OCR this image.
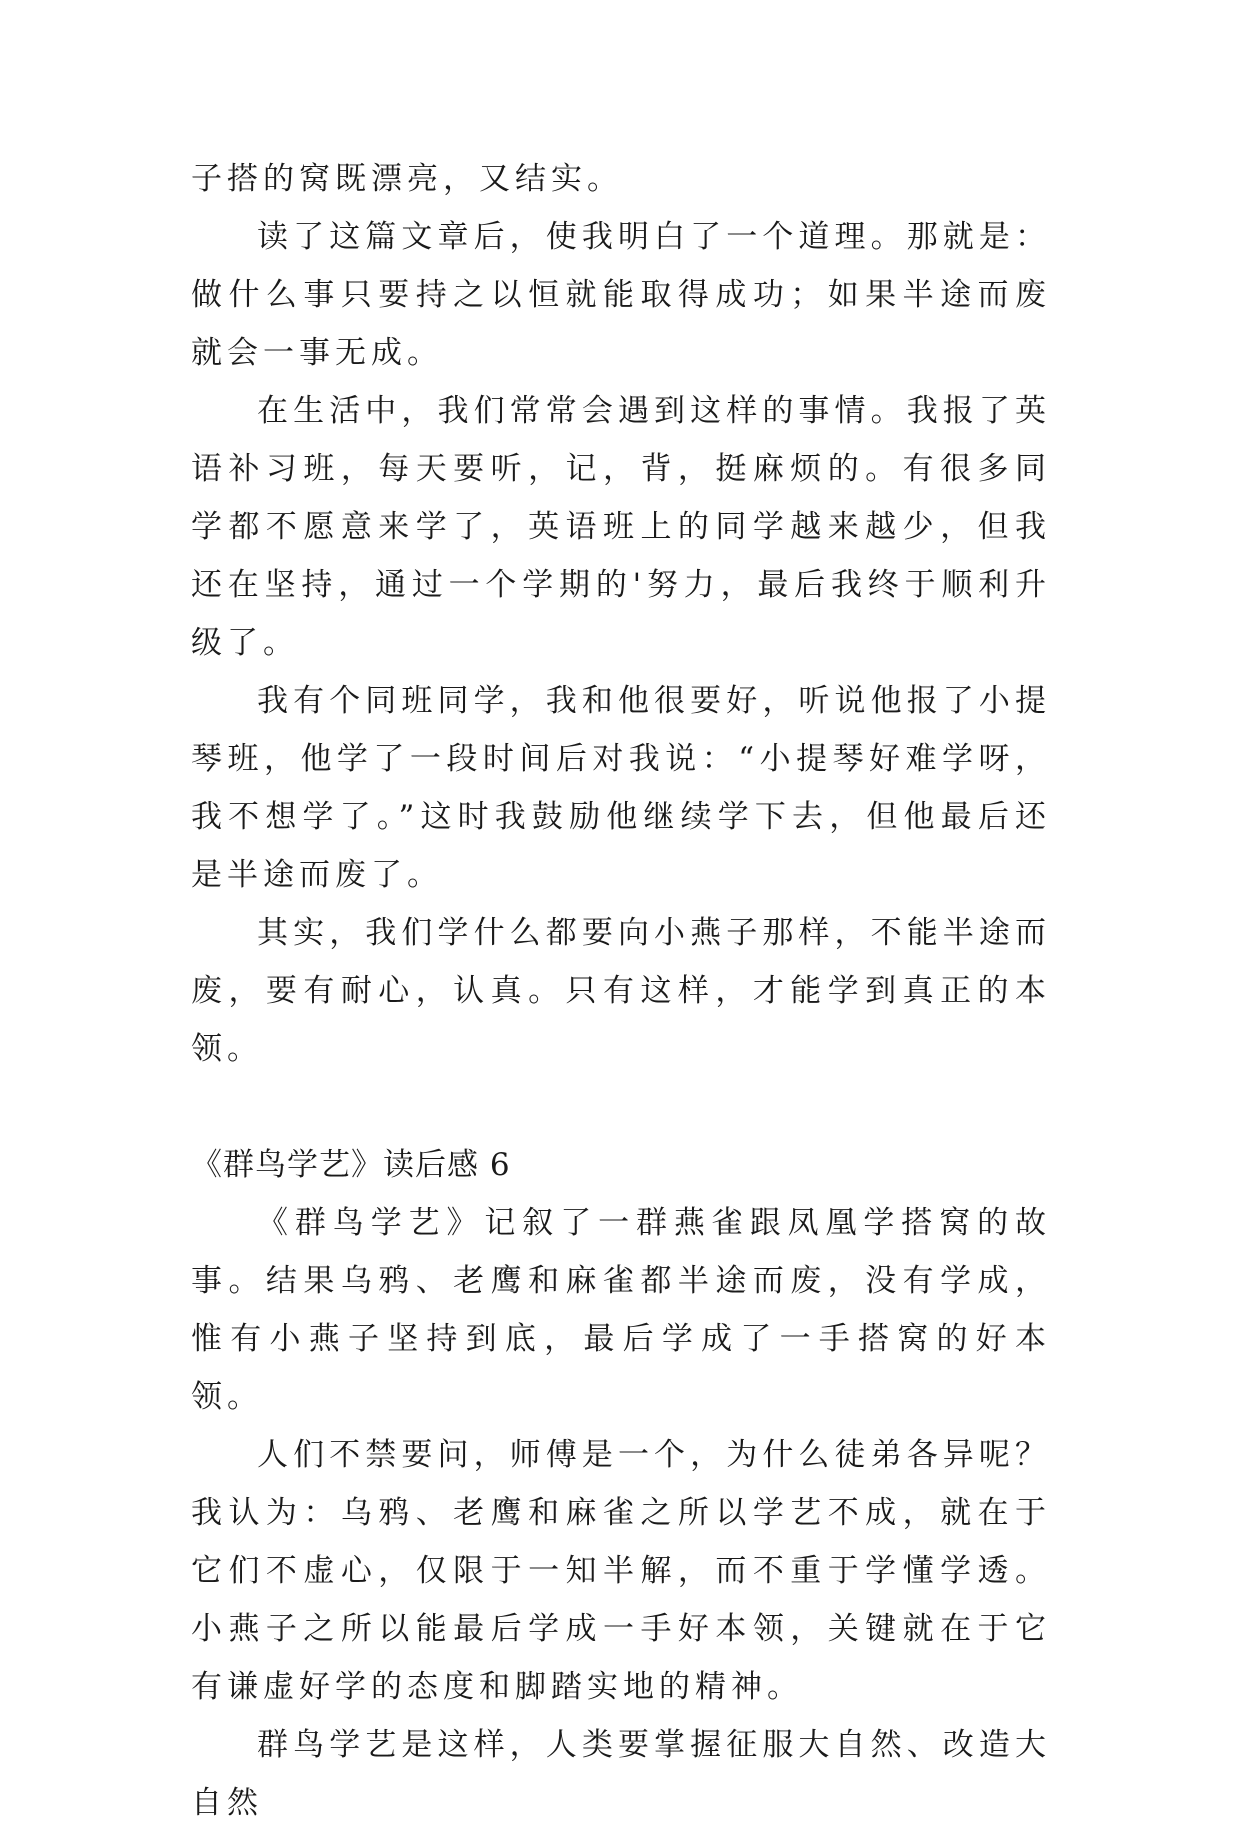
子搭的窝既漂亮，又结实。

读了这篇文章后，使我明白了一个道理。那就是：做什么事只要持之以恒就能取得成功；如果半途而废就会一事无成。

在生活中，我们常常会遇到这样的事情。我报了英语补习班，每天要听，记，背，挺麻烦的。有很多同学都不愿意来学了，英语班上的同学越来越少，但我还在坚持，通过一个学期的'努力，最后我终于顺利升级了。

我有个同班同学，我和他很要好，听说他报了小提琴班，他学了一段时间后对我说：“小提琴好难学呀，我不想学了。”这时我鼓励他继续学下去，但他最后还是半途而废了。

其实，我们学什么都要向小燕子那样，不能半途而废，要有耐心，认真。只有这样，才能学到真正的本领。

《群鸟学艺》读后感 6

《群鸟学艺》记叙了一群燕雀跟凤凰学搭窝的故事。结果乌鸦、老鹰和麻雀都半途而废，没有学成，惟有小燕子坚持到底，最后学成了一手搭窝的好本领。

人们不禁要问，师傅是一个，为什么徒弟各异呢？我认为：乌鸦、老鹰和麻雀之所以学艺不成，就在于它们不虚心，仅限于一知半解，而不重于学懂学透。小燕子之所以能最后学成一手好本领，关键就在于它有谦虚好学的态度和脚踏实地的精神。

群鸟学艺是这样，人类要掌握征服大自然、改造大自然
